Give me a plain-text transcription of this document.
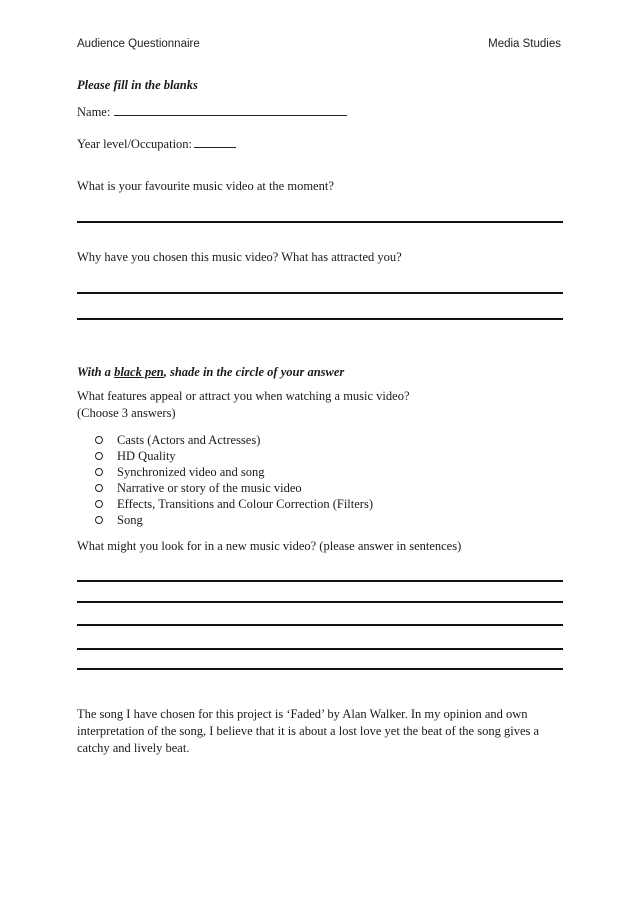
Audience Questionnaire	Media Studies
Please fill in the blanks
Name:
Year level/Occupation:
What is your favourite music video at the moment?
Why have you chosen this music video? What has attracted you?
With a black pen, shade in the circle of your answer
What features appeal or attract you when watching a music video?
(Choose 3 answers)
Casts (Actors and Actresses)
HD Quality
Synchronized video and song
Narrative or story of the music video
Effects, Transitions and Colour Correction (Filters)
Song
What might you look for in a new music video? (please answer in sentences)

The song I have chosen for this project is ‘Faded’ by Alan Walker. In my opinion and own interpretation of the song, I believe that it is about a lost love yet the beat of the song gives a catchy and lively beat.
